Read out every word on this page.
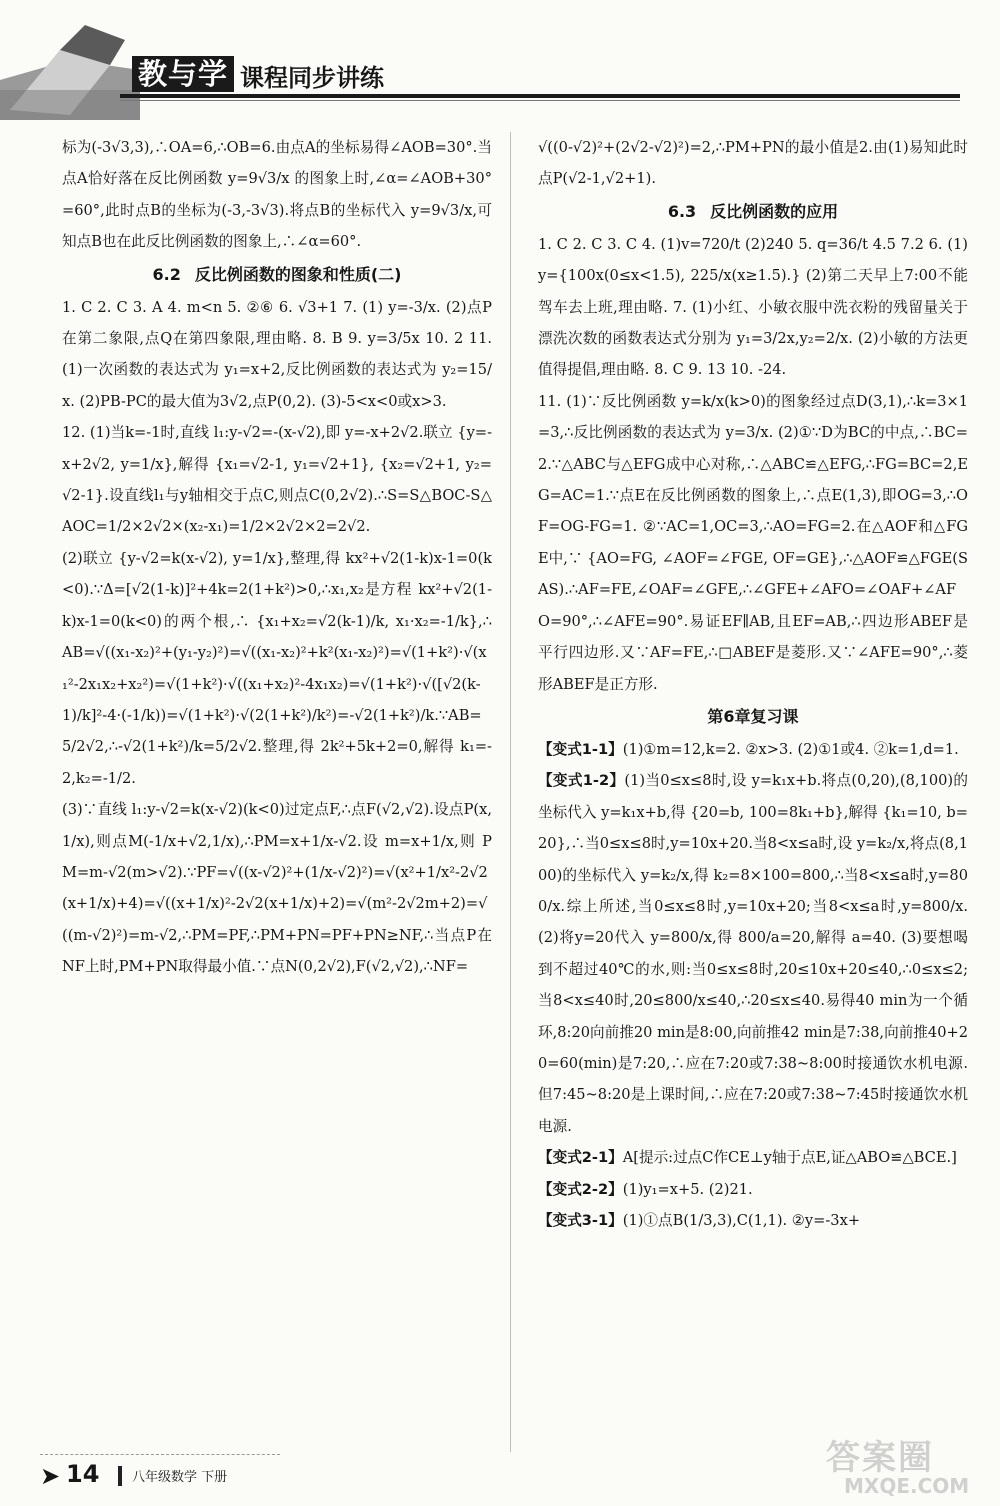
教与学 课程同步讲练

标为(-3√3,3),∴OA=6,∴OB=6.由点A的坐标易得∠AOB=30°.当点A恰好落在反比例函数 y=9√3/x 的图象上时,∠α=∠AOB+30°=60°,此时点B的坐标为(-3,-3√3).将点B的坐标代入 y=9√3/x,可知点B也在此反比例函数的图象上,∴∠α=60°.

6.2 反比例函数的图象和性质(二)

1. C 2. C 3. A 4. m<n 5. ②⑥ 6. √3+1 7. (1) y=-3/x. (2)点P在第二象限,点Q在第四象限,理由略. 8. B 9. y=3/5x 10. 2 11. (1)一次函数的表达式为 y₁=x+2,反比例函数的表达式为 y₂=15/x. (2)PB-PC的最大值为3√2,点P(0,2). (3)-5<x<0或x>3.

12. (1)当k=-1时,直线 l₁:y-√2=-(x-√2),即 y=-x+2√2.联立 {y=-x+2√2, y=1/x},解得 {x₁=√2-1, y₁=√2+1}, {x₂=√2+1, y₂=√2-1}.设直线l₁与y轴相交于点C,则点C(0,2√2).∴S=S△BOC-S△AOC=1/2×2√2×(x₂-x₁)=1/2×2√2×2=2√2.

(2)联立 {y-√2=k(x-√2), y=1/x},整理,得 kx²+√2(1-k)x-1=0(k<0).∵Δ=[√2(1-k)]²+4k=2(1+k²)>0,∴x₁,x₂是方程 kx²+√2(1-k)x-1=0(k<0)的两个根,∴ {x₁+x₂=√2(k-1)/k, x₁·x₂=-1/k},∴ AB=√((x₁-x₂)²+(y₁-y₂)²)=√((x₁-x₂)²+k²(x₁-x₂)²)=√(1+k²)·√(x₁²-2x₁x₂+x₂²)=√(1+k²)·√((x₁+x₂)²-4x₁x₂)=√(1+k²)·√([√2(k-1)/k]²-4·(-1/k))=√(1+k²)·√(2(1+k²)/k²)=-√2(1+k²)/k.∵AB=5/2√2,∴-√2(1+k²)/k=5/2√2.整理,得 2k²+5k+2=0,解得 k₁=-2,k₂=-1/2.

(3)∵直线 l₁:y-√2=k(x-√2)(k<0)过定点F,∴点F(√2,√2).设点P(x,1/x),则点M(-1/x+√2,1/x),∴PM=x+1/x-√2.设 m=x+1/x,则 PM=m-√2(m>√2).∵PF=√((x-√2)²+(1/x-√2)²)=√(x²+1/x²-2√2(x+1/x)+4)=√((x+1/x)²-2√2(x+1/x)+2)=√(m²-2√2m+2)=√((m-√2)²)=m-√2,∴PM=PF,∴PM+PN=PF+PN≥NF,∴当点P在NF上时,PM+PN取得最小值.∵点N(0,2√2),F(√2,√2),∴NF=

√((0-√2)²+(2√2-√2)²)=2,∴PM+PN的最小值是2.由(1)易知此时点P(√2-1,√2+1).

6.3 反比例函数的应用

1. C 2. C 3. C 4. (1)v=720/t (2)240 5. q=36/t 4.5 7.2 6. (1)y={100x(0≤x<1.5), 225/x(x≥1.5).} (2)第二天早上7:00不能驾车去上班,理由略. 7. (1)小红、小敏衣服中洗衣粉的残留量关于漂洗次数的函数表达式分别为 y₁=3/2x,y₂=2/x. (2)小敏的方法更值得提倡,理由略. 8. C 9. 13 10. -24.

11. (1)∵反比例函数 y=k/x(k>0)的图象经过点D(3,1),∴k=3×1=3,∴反比例函数的表达式为 y=3/x. (2)①∵D为BC的中点,∴BC=2.∵△ABC与△EFG成中心对称,∴△ABC≌△EFG,∴FG=BC=2,EG=AC=1.∵点E在反比例函数的图象上,∴点E(1,3),即OG=3,∴OF=OG-FG=1. ②∵AC=1,OC=3,∴AO=FG=2.在△AOF和△FGE中,∵ {AO=FG, ∠AOF=∠FGE, OF=GE},∴△AOF≌△FGE(SAS).∴AF=FE,∠OAF=∠GFE,∴∠GFE+∠AFO=∠OAF+∠AFO=90°,∴∠AFE=90°.易证EF∥AB,且EF=AB,∴四边形ABEF是平行四边形.又∵AF=FE,∴□ABEF是菱形.又∵∠AFE=90°,∴菱形ABEF是正方形.

第6章复习课

【变式1-1】(1)①m=12,k=2. ②x>3. (2)①1或4. ②k=1,d=1.

【变式1-2】(1)当0≤x≤8时,设 y=k₁x+b.将点(0,20),(8,100)的坐标代入 y=k₁x+b,得 {20=b, 100=8k₁+b},解得 {k₁=10, b=20},∴当0≤x≤8时,y=10x+20.当8<x≤a时,设 y=k₂/x,将点(8,100)的坐标代入 y=k₂/x,得 k₂=8×100=800,∴当8<x≤a时,y=800/x.综上所述,当0≤x≤8时,y=10x+20;当8<x≤a时,y=800/x. (2)将y=20代入 y=800/x,得 800/a=20,解得 a=40. (3)要想喝到不超过40℃的水,则:当0≤x≤8时,20≤10x+20≤40,∴0≤x≤2;当8<x≤40时,20≤800/x≤40,∴20≤x≤40.易得40 min为一个循环,8:20向前推20 min是8:00,向前推42 min是7:38,向前推40+20=60(min)是7:20,∴应在7:20或7:38~8:00时接通饮水机电源.但7:45~8:20是上课时间,∴应在7:20或7:38~7:45时接通饮水机电源.

【变式2-1】A[提示:过点C作CE⊥y轴于点E,证△ABO≌△BCE.]

【变式2-2】(1)y₁=x+5. (2)21.

【变式3-1】(1)①点B(1/3,3),C(1,1). ②y=-3x+

➤ 14	八年级数学 下册	答案圈
MXQE.COM
